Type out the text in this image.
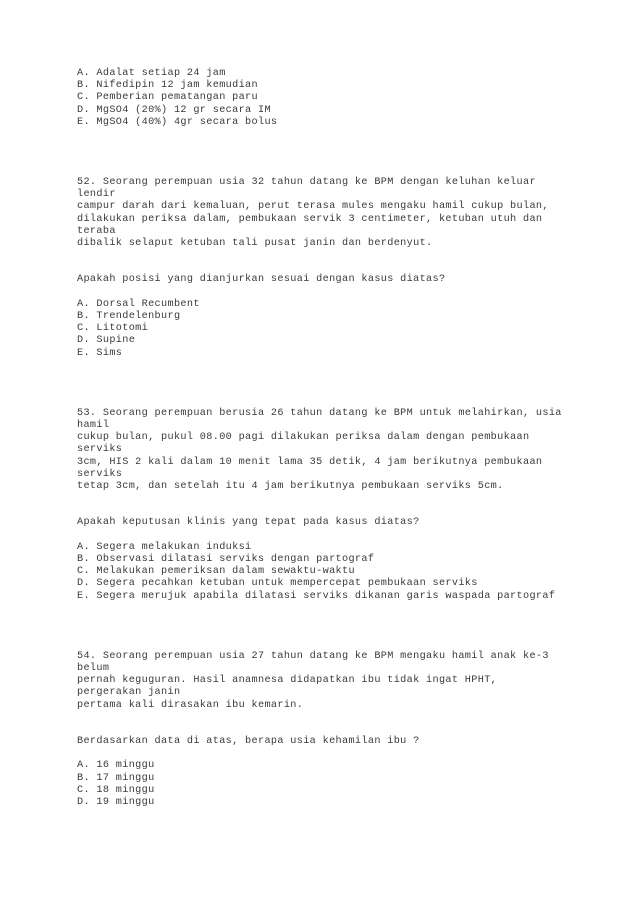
A. Adalat setiap 24 jam
B. Nifedipin 12 jam kemudian
C. Pemberian pematangan paru
D. MgSO4 (20%) 12 gr secara IM
E. MgSO4 (40%) 4gr secara bolus
52. Seorang perempuan usia 32 tahun datang ke BPM dengan keluhan keluar
lendir
campur darah dari kemaluan, perut terasa mules mengaku hamil cukup bulan,
dilakukan periksa dalam, pembukaan servik 3 centimeter, ketuban utuh dan
teraba
dibalik selaput ketuban tali pusat janin dan berdenyut.
Apakah posisi yang dianjurkan sesuai dengan kasus diatas?
A. Dorsal Recumbent
B. Trendelenburg
C. Litotomi
D. Supine
E. Sims
53. Seorang perempuan berusia 26 tahun datang ke BPM untuk melahirkan, usia
hamil
cukup bulan, pukul 08.00 pagi dilakukan periksa dalam dengan pembukaan
serviks
3cm, HIS 2 kali dalam 10 menit lama 35 detik, 4 jam berikutnya pembukaan
serviks
tetap 3cm, dan setelah itu 4 jam berikutnya pembukaan serviks 5cm.
Apakah keputusan klinis yang tepat pada kasus diatas?
A. Segera melakukan induksi
B. Observasi dilatasi serviks dengan partograf
C. Melakukan pemeriksan dalam sewaktu-waktu
D. Segera pecahkan ketuban untuk mempercepat pembukaan serviks
E. Segera merujuk apabila dilatasi serviks dikanan garis waspada partograf
54. Seorang perempuan usia 27 tahun datang ke BPM mengaku hamil anak ke-3
belum
pernah keguguran. Hasil anamnesa didapatkan ibu tidak ingat HPHT,
pergerakan janin
pertama kali dirasakan ibu kemarin.
Berdasarkan data di atas, berapa usia kehamilan ibu ?
A. 16 minggu
B. 17 minggu
C. 18 minggu
D. 19 minggu
